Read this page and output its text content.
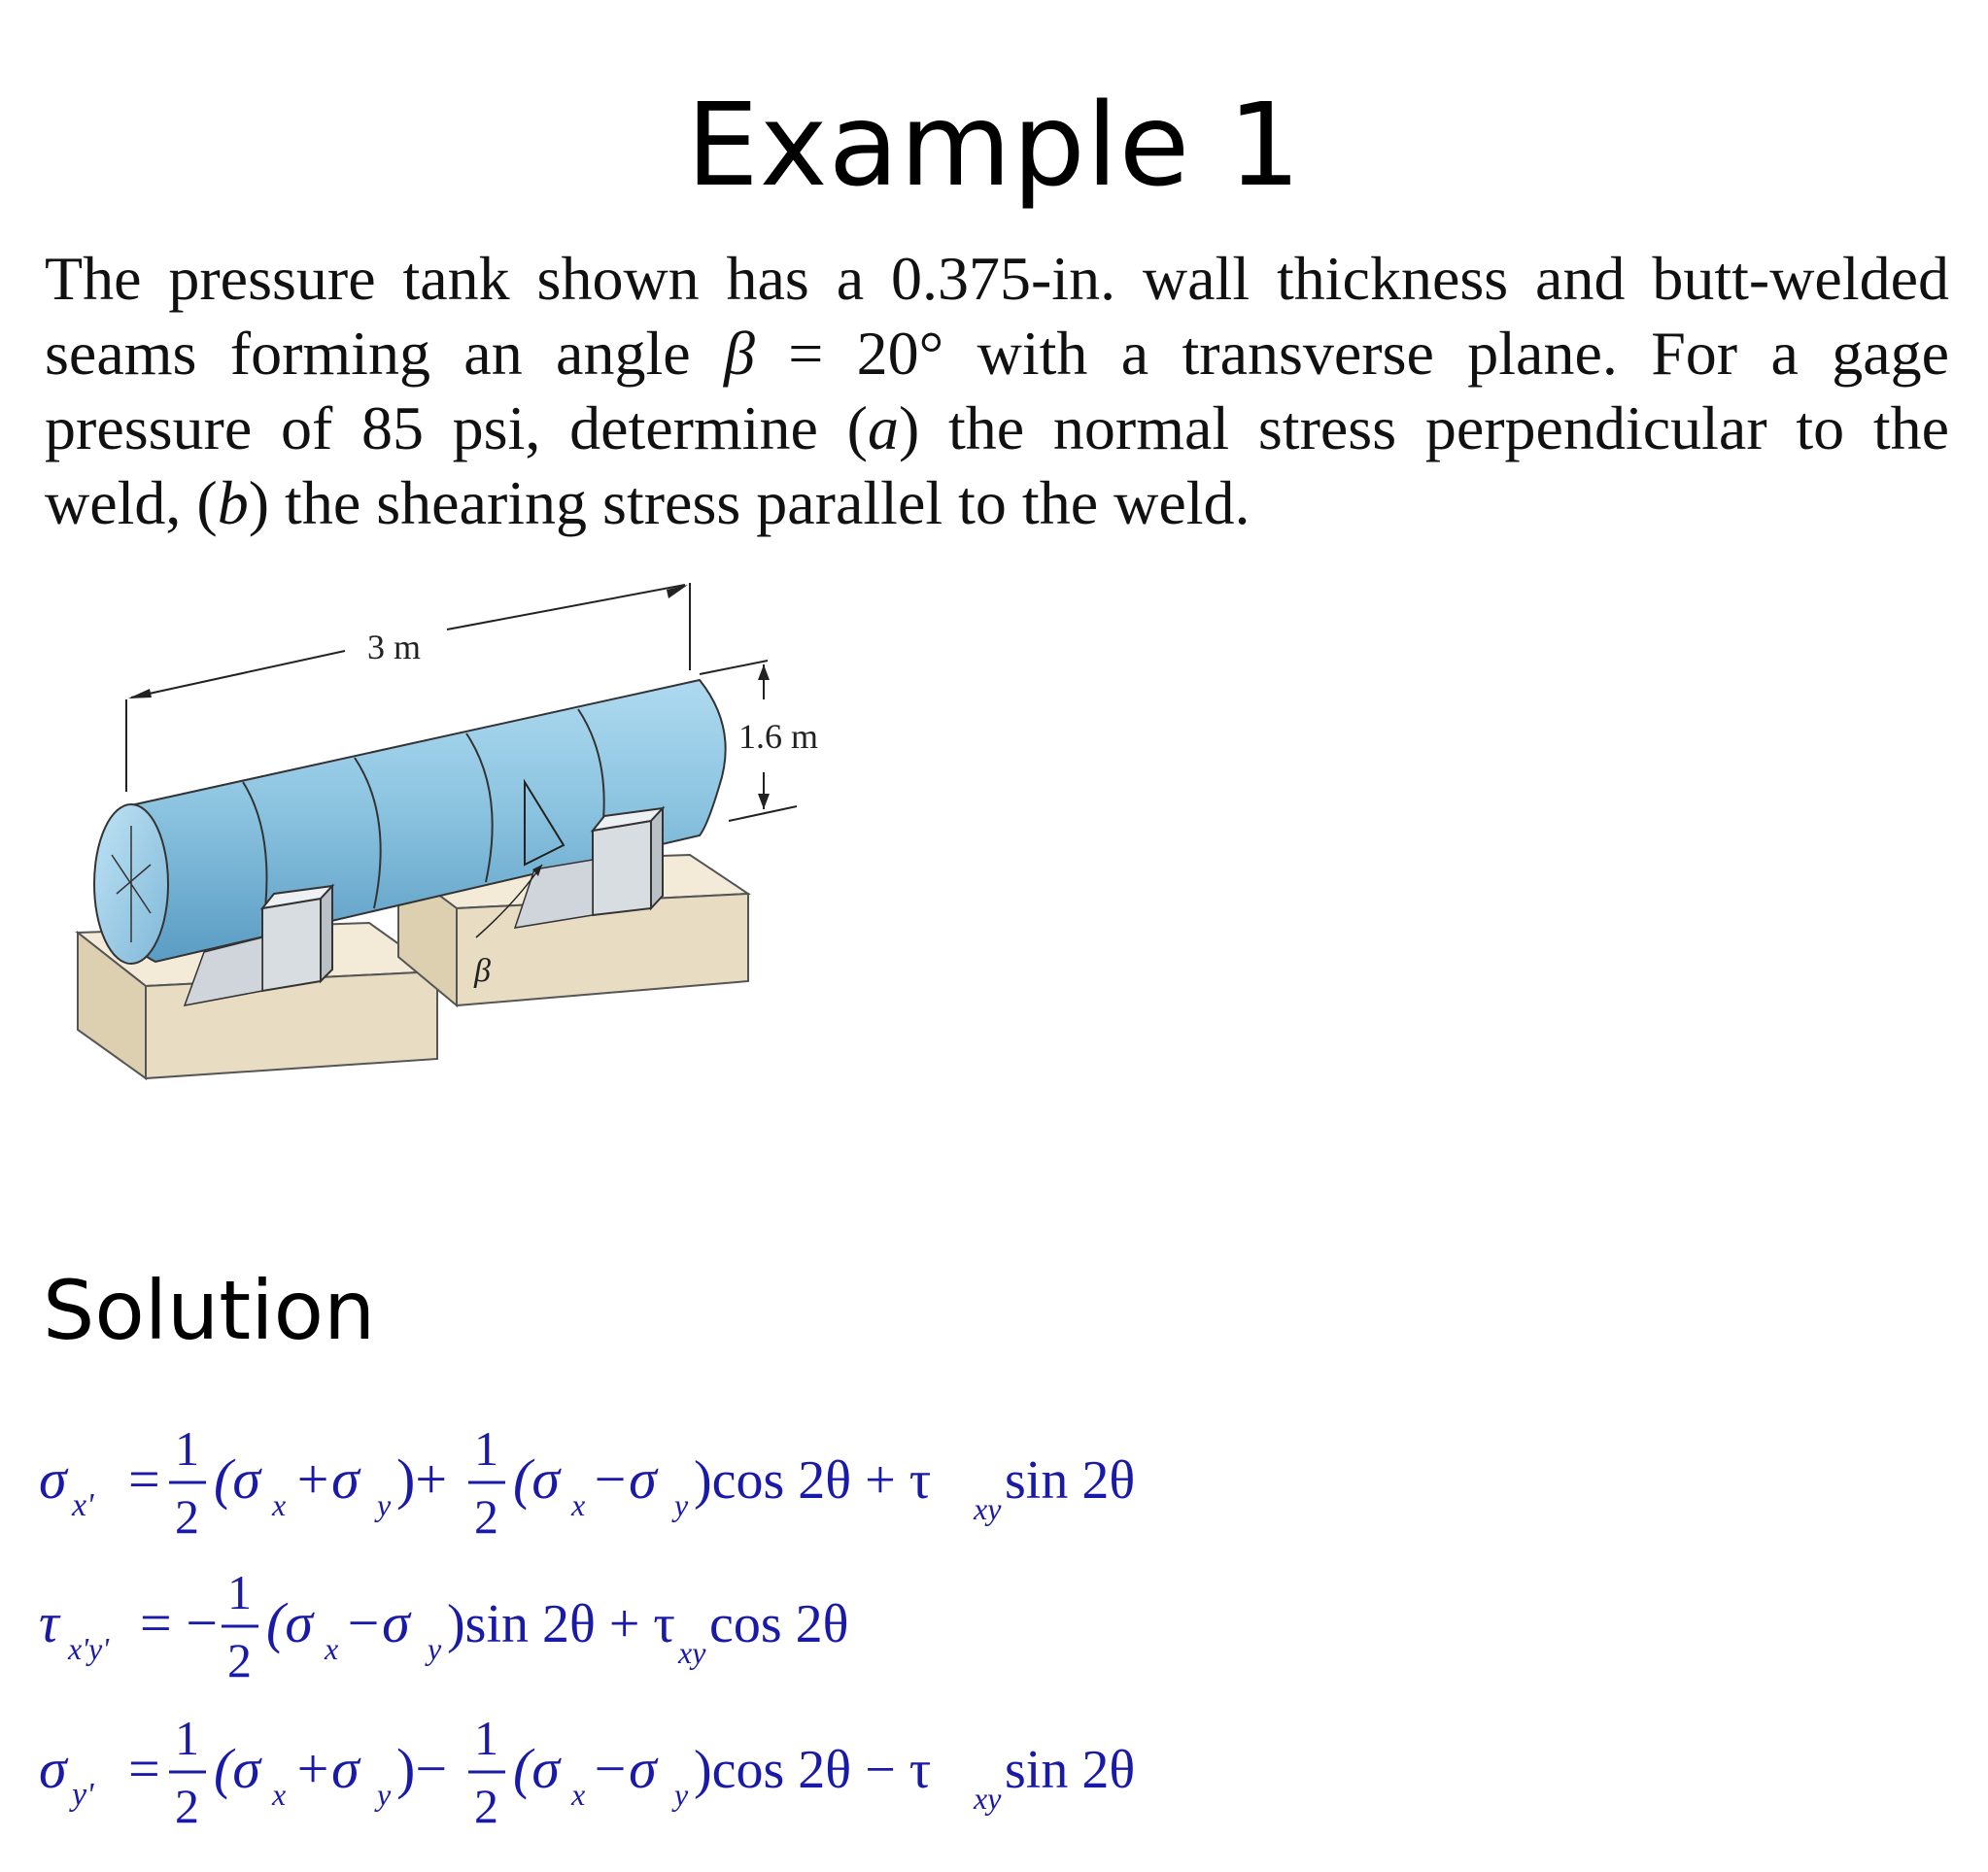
Example 1
The pressure tank shown has a 0.375-in. wall thickness and butt-welded
seams forming an angle β = 20° with a transverse plane. For a gage
pressure of 85 psi, determine (a) the normal stress perpendicular to the
weld, (b) the shearing stress parallel to the weld.
β
3 m
1.6 m
Solution
σ x' = 1
2
(σ x +σ y )+ 1
2
(σ x −σ y )cos 2θ + τ xy sin 2θ
τ x'y' = − 1
2
(σ x −σ y )sin 2θ + τ xy cos 2θ
σ y' = 1
2
(σ x +σ y )− 1
2
(σ x −σ y )cos 2θ − τ xy sin 2θ
